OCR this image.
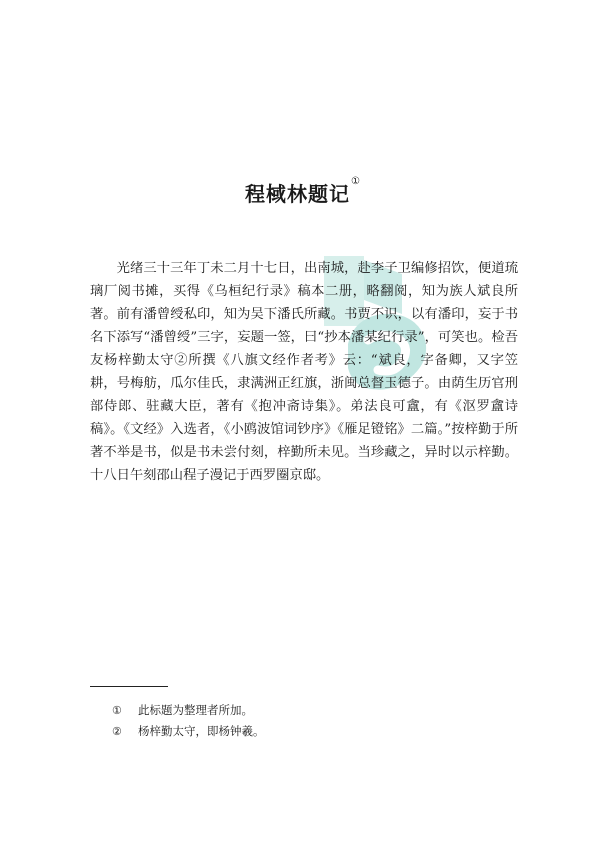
程棫林题记①

光绪三十三年丁未二月十七日，出南城，赴李子卫编修招饮，便道琉璃厂阅书摊，买得《乌桓纪行录》稿本二册，略翻阅，知为族人斌良所著。前有潘曾绶私印，知为吴下潘氏所藏。书贾不识，以有潘印，妄于书名下添写“潘曾绶”三字，妄题一签，曰“抄本潘某纪行录”，可笑也。检吾友杨梓勤太守②所撰《八旗文经作者考》云：“斌良，字备卿，又字笠耕，号梅舫，瓜尔佳氏，隶满洲正红旗，浙闽总督玉德子。由荫生历官刑部侍郎、驻藏大臣，著有《抱冲斋诗集》。弟法良可盦，有《沤罗盦诗稿》。《文经》入选者，《小鸥波馆词钞序》《雁足镫铭》二篇。”按梓勤于所著不举是书，似是书未尝付刻，梓勤所未见。当珍藏之，异时以示梓勤。十八日午刻邵山程子漫记于西罗圈京邸。

①	此标题为整理者所加。
②	杨梓勤太守，即杨钟羲。
